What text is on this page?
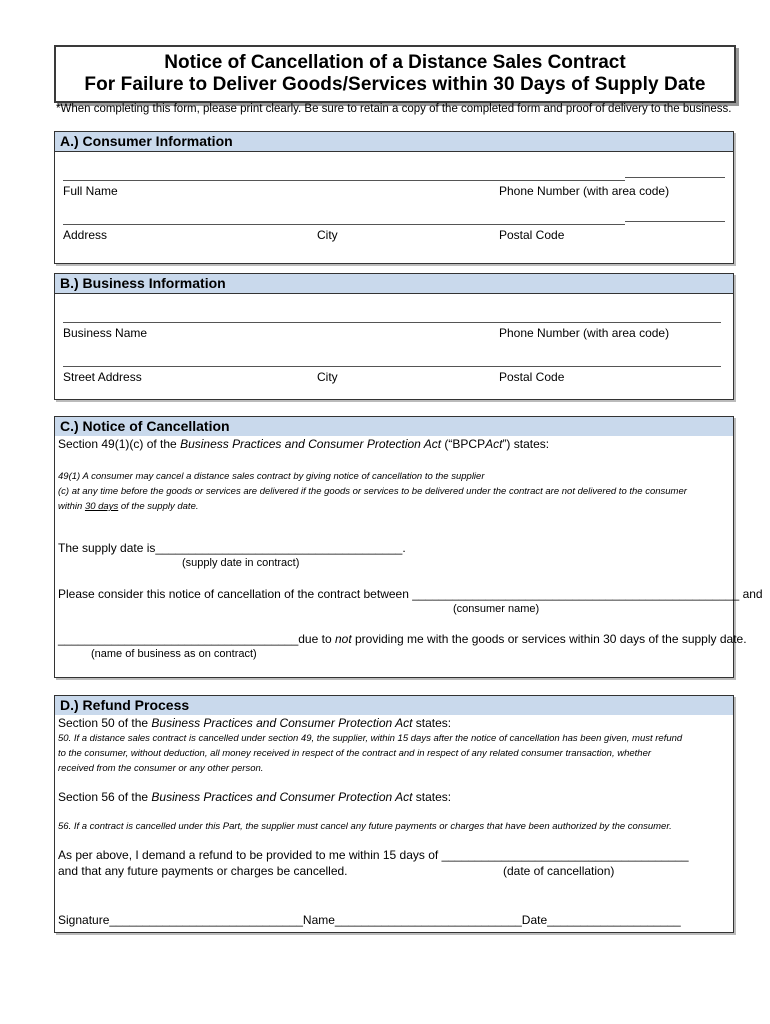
Notice of Cancellation of a Distance Sales Contract
For Failure to Deliver Goods/Services within 30 Days of Supply Date
*When completing this form, please print clearly. Be sure to retain a copy of the completed form and proof of delivery to the business.
A.) Consumer Information
Full Name	Phone Number (with area code)
Address	City	Postal Code
B.) Business Information
Business Name	Phone Number (with area code)
Street Address	City	Postal Code
C.) Notice of Cancellation
Section 49(1)(c) of the Business Practices and Consumer Protection Act (“BPCPAct”) states:
49(1) A consumer may cancel a distance sales contract by giving notice of cancellation to the supplier
(c) at any time before the goods or services are delivered if the goods or services to be delivered under the contract are not delivered to the consumer
within 30 days of the supply date.
The supply date is_____________________________________.
(supply date in contract)
Please consider this notice of cancellation of the contract between _________________________________________________ and
(consumer name)
____________________________________due to not providing me with the goods or services within 30 days of the supply date.
(name of business as on contract)
D.) Refund Process
Section 50 of the Business Practices and Consumer Protection Act states:
50. If a distance sales contract is cancelled under section 49, the supplier, within 15 days after the notice of cancellation has been given, must refund
to the consumer, without deduction, all money received in respect of the contract and in respect of any related consumer transaction, whether
received from the consumer or any other person.
Section 56 of the Business Practices and Consumer Protection Act states:
56. If a contract is cancelled under this Part, the supplier must cancel any future payments or charges that have been authorized by the consumer.
As per above, I demand a refund to be provided to me within 15 days of _____________________________________
and that any future payments or charges be cancelled.	(date of cancellation)
Signature_____________________________Name____________________________Date____________________
